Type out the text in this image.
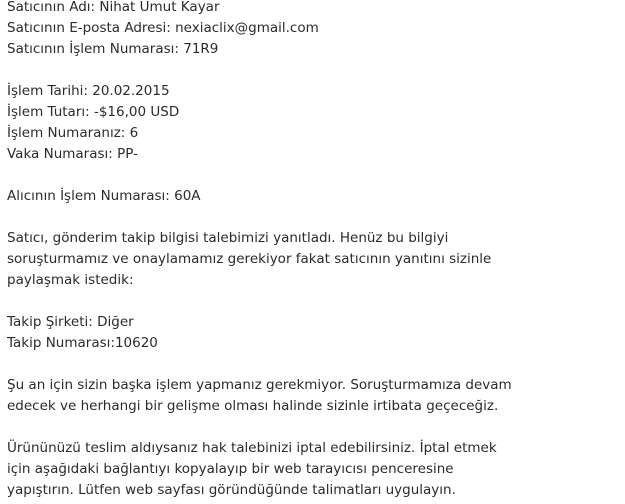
Satıcının Adı: Nihat Umut Kayar
Satıcının E-posta Adresi: nexiaclix@gmail.com
Satıcının İşlem Numarası: 71R9
İşlem Tarihi: 20.02.2015
İşlem Tutarı: -$16,00 USD
İşlem Numaranız: 6
Vaka Numarası: PP-
Alıcının İşlem Numarası: 60A
Satıcı, gönderim takip bilgisi talebimizi yanıtladı. Henüz bu bilgiyi
soruşturmamız ve onaylamamız gerekiyor fakat satıcının yanıtını sizinle
paylaşmak istedik:
Takip Şirketi: Diğer
Takip Numarası:10620
Şu an için sizin başka işlem yapmanız gerekmiyor. Soruşturmamıza devam
edecek ve herhangi bir gelişme olması halinde sizinle irtibata geçeceğiz.
Ürününüzü teslim aldıysanız hak talebinizi iptal edebilirsiniz. İptal etmek
için aşağıdaki bağlantıyı kopyalayıp bir web tarayıcısı penceresine
yapıştırın. Lütfen web sayfası göründüğünde talimatları uygulayın.
